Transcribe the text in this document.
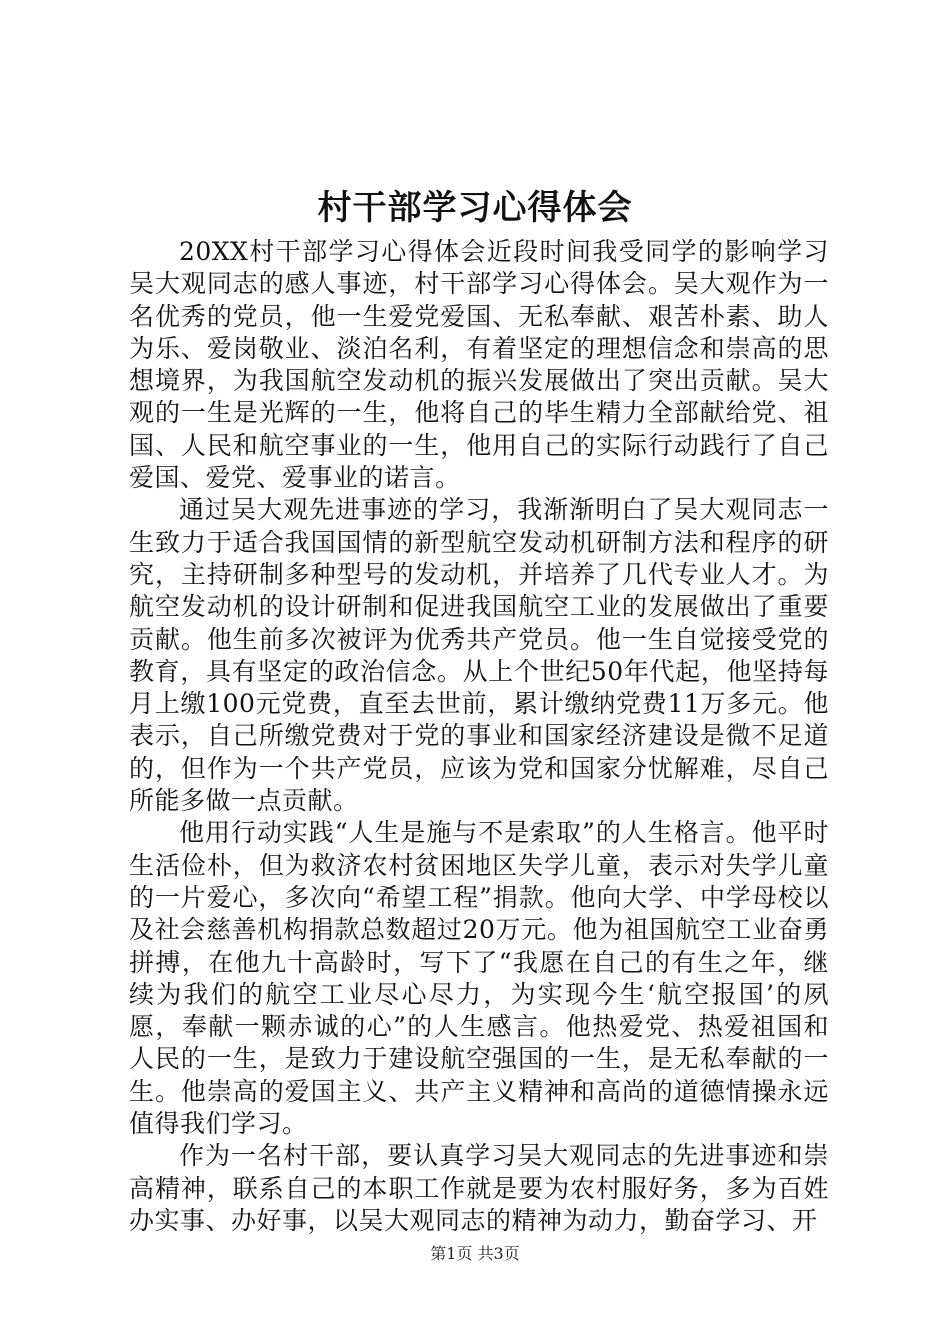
村干部学习心得体会

20XX村干部学习心得体会近段时间我受同学的影响学习吴大观同志的感人事迹，村干部学习心得体会。吴大观作为一名优秀的党员，他一生爱党爱国、无私奉献、艰苦朴素、助人为乐、爱岗敬业、淡泊名利，有着坚定的理想信念和崇高的思想境界，为我国航空发动机的振兴发展做出了突出贡献。吴大观的一生是光辉的一生，他将自己的毕生精力全部献给党、祖国、人民和航空事业的一生，他用自己的实际行动践行了自己爱国、爱党、爱事业的诺言。

通过吴大观先进事迹的学习，我渐渐明白了吴大观同志一生致力于适合我国国情的新型航空发动机研制方法和程序的研究，主持研制多种型号的发动机，并培养了几代专业人才。为航空发动机的设计研制和促进我国航空工业的发展做出了重要贡献。他生前多次被评为优秀共产党员。他一生自觉接受党的教育，具有坚定的政治信念。从上个世纪50年代起，他坚持每月上缴100元党费，直至去世前，累计缴纳党费11万多元。他表示，自己所缴党费对于党的事业和国家经济建设是微不足道的，但作为一个共产党员，应该为党和国家分忧解难，尽自己所能多做一点贡献。

他用行动实践“人生是施与不是索取”的人生格言。他平时生活俭朴，但为救济农村贫困地区失学儿童，表示对失学儿童的一片爱心，多次向“希望工程”捐款。他向大学、中学母校以及社会慈善机构捐款总数超过20万元。他为祖国航空工业奋勇拼搏，在他九十高龄时，写下了“我愿在自己的有生之年，继续为我们的航空工业尽心尽力，为实现今生‘航空报国’的夙愿，奉献一颗赤诚的心”的人生感言。他热爱党、热爱祖国和人民的一生，是致力于建设航空强国的一生，是无私奉献的一生。他崇高的爱国主义、共产主义精神和高尚的道德情操永远值得我们学习。

作为一名村干部，要认真学习吴大观同志的先进事迹和崇高精神，联系自己的本职工作就是要为农村服好务，多为百姓办实事、办好事，以吴大观同志的精神为动力，勤奋学习、开

第1页 共3页
